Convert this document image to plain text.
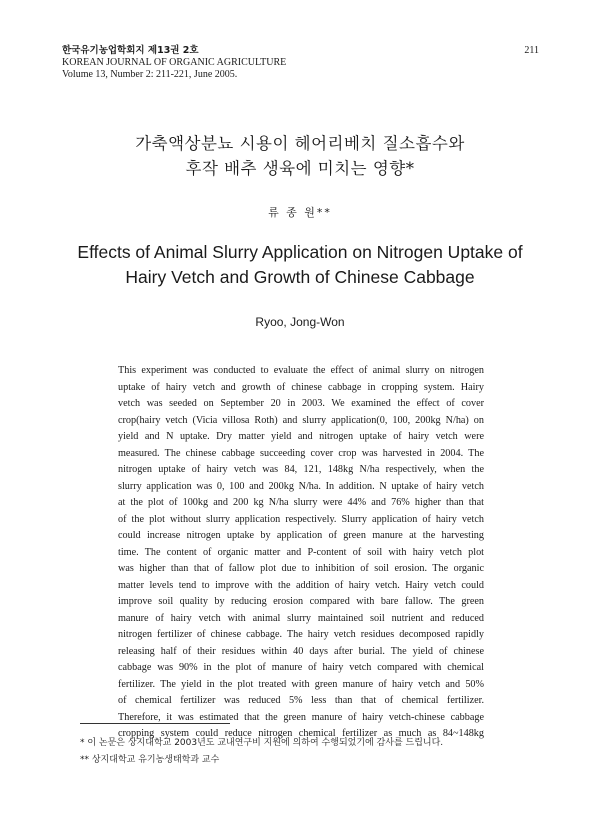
한국유기농업학회지 제13권 2호
KOREAN JOURNAL OF ORGANIC AGRICULTURE
Volume 13, Number 2: 211-221, June 2005.
211
가축액상분뇨 시용이 헤어리베치 질소흡수와
후작 배추 생육에 미치는 영향*
류 종 원**
Effects of Animal Slurry Application on Nitrogen Uptake of
Hairy Vetch and Growth of Chinese Cabbage
Ryoo, Jong-Won
This experiment was conducted to evaluate the effect of animal slurry on nitrogen
uptake of hairy vetch and growth of chinese cabbage in cropping system. Hairy
vetch was seeded on September 20 in 2003. We examined the effect of cover
crop(hairy vetch (Vicia villosa Roth) and slurry application(0, 100, 200kg N/ha) on
yield and N uptake. Dry matter yield and nitrogen uptake of hairy vetch were
measured. The chinese cabbage succeeding cover crop was harvested in 2004. The
nitrogen uptake of hairy vetch was 84, 121, 148kg N/ha respectively, when the
slurry application was 0, 100 and 200kg N/ha. In addition. N uptake of hairy vetch
at the plot of 100kg and 200 kg N/ha slurry were 44% and 76% higher than that
of the plot without slurry application respectively. Slurry application of hairy vetch
could increase nitrogen uptake by application of green manure at the harvesting
time. The content of organic matter and P-content of soil with hairy vetch plot
was higher than that of fallow plot due to inhibition of soil erosion. The organic
matter levels tend to improve with the addition of hairy vetch. Hairy vetch could
improve soil quality by reducing erosion compared with bare fallow. The green
manure of hairy vetch with animal slurry maintained soil nutrient and reduced
nitrogen fertilizer of chinese cabbage. The hairy vetch residues decomposed rapidly
releasing half of their residues within 40 days after burial. The yield of chinese
cabbage was 90% in the plot of manure of hairy vetch compared with chemical
fertilizer. The yield in the plot treated with green manure of hairy vetch and 50%
of chemical fertilizer was reduced 5% less than that of chemical fertilizer.
Therefore, it was estimated that the green manure of hairy vetch-chinese cabbage
cropping system could reduce nitrogen chemical fertilizer as much as 84~148kg
* 이 논문은 상지대학교 2003년도 교내연구비 지원에 의하여 수행되었기에 감사를 드립니다.
** 상지대학교 유기농생태학과 교수
